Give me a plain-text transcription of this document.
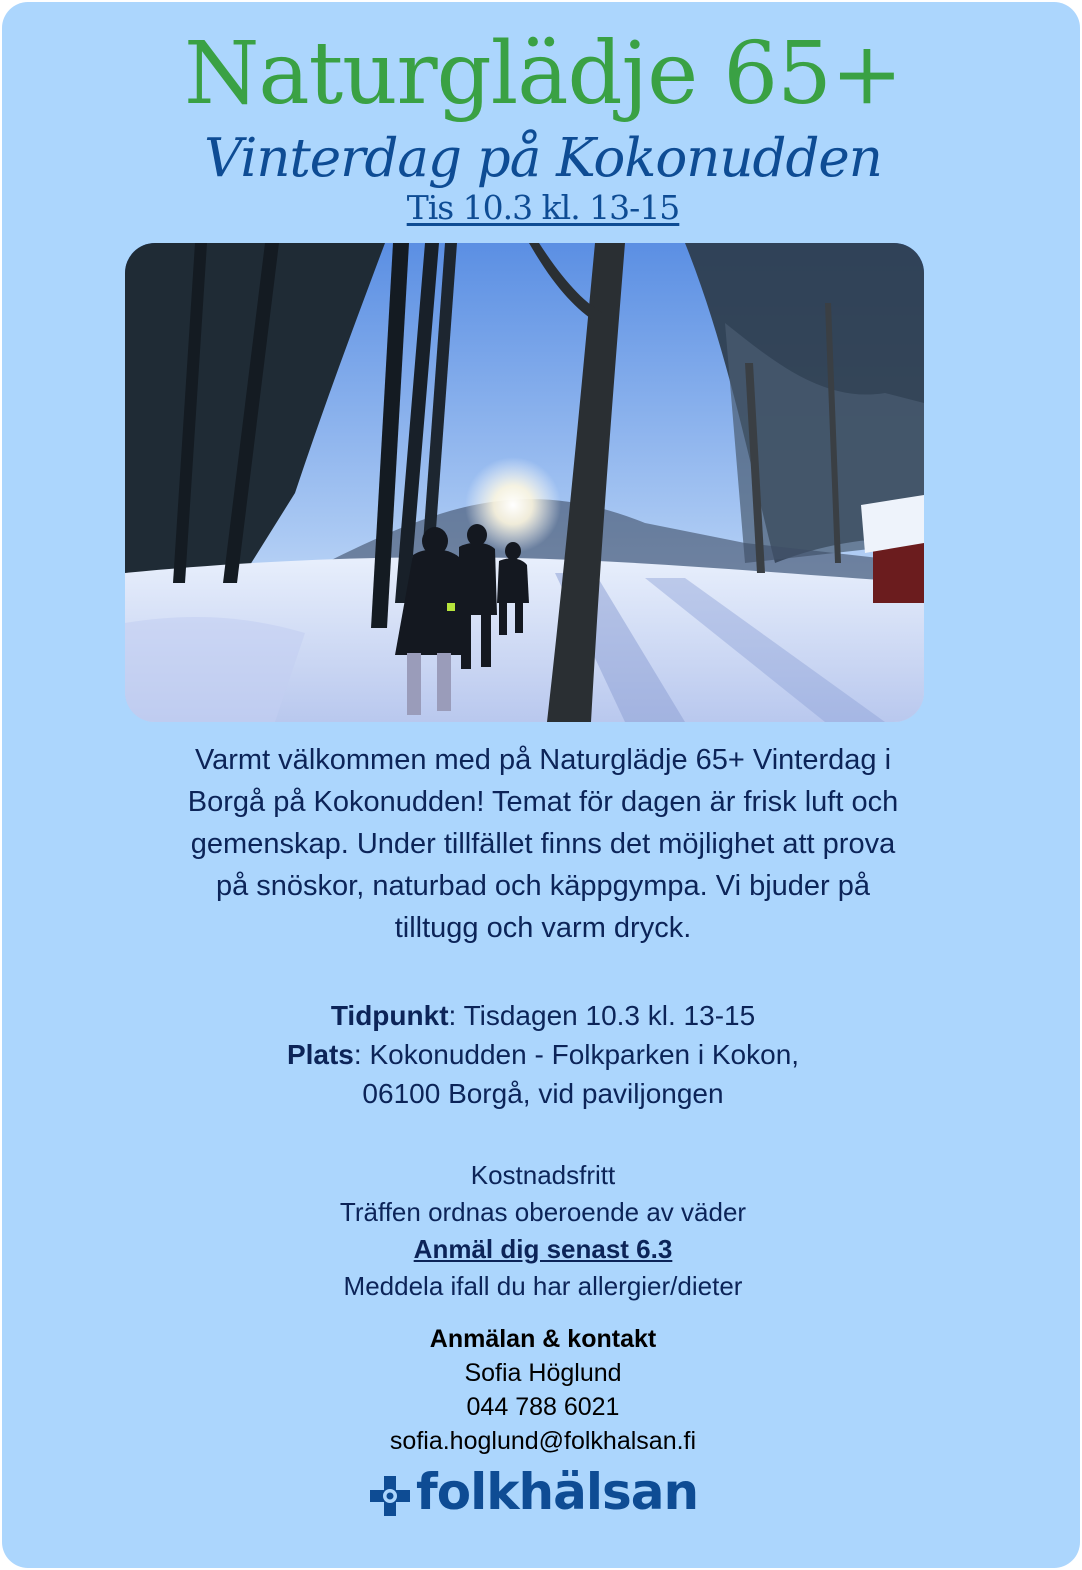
Naturglädje 65+
Vinterdag på Kokonudden
Tis 10.3 kl. 13-15
Varmt välkommen med på Naturglädje 65+ Vinterdag i
Borgå på Kokonudden! Temat för dagen är frisk luft och
gemenskap. Under tillfället finns det möjlighet att prova
på snöskor, naturbad och käppgympa. Vi bjuder på
tilltugg och varm dryck.
Tidpunkt: Tisdagen 10.3 kl. 13-15
Plats: Kokonudden - Folkparken i Kokon,
06100 Borgå, vid paviljongen
Kostnadsfritt
Träffen ordnas oberoende av väder
Anmäl dig senast 6.3
Meddela ifall du har allergier/dieter
Anmälan & kontakt
Sofia Höglund
044 788 6021
sofia.hoglund@folkhalsan.fi
folkhälsan
